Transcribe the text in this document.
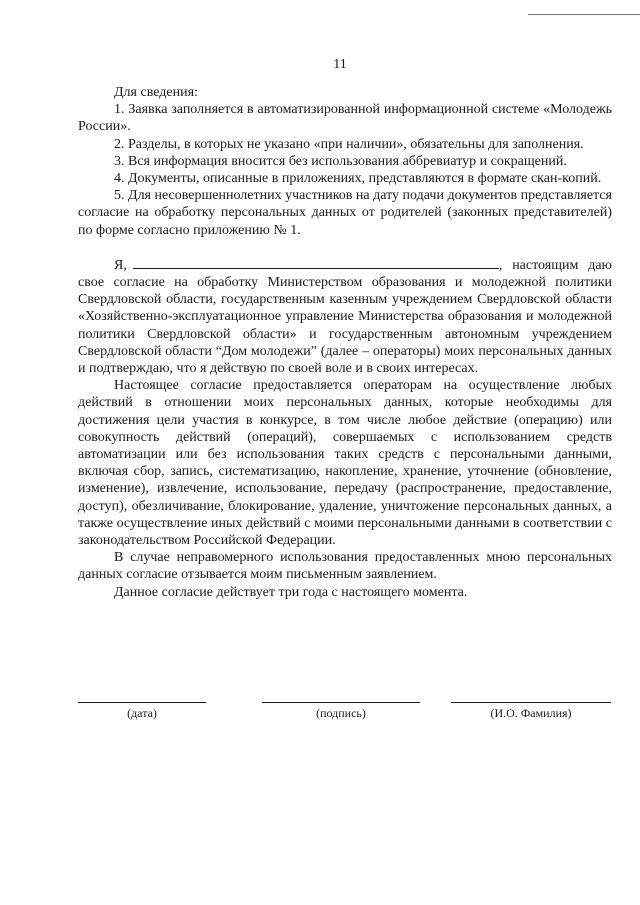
11

Для сведения:

1. Заявка заполняется в автоматизированной информационной системе «Молодежь России».

2. Разделы, в которых не указано «при наличии», обязательны для заполнения.

3. Вся информация вносится без использования аббревиатур и сокращений.

4. Документы, описанные в приложениях, представляются в формате скан-копий.

5. Для несовершеннолетних участников на дату подачи документов представляется согласие на обработку персональных данных от родителей (законных представителей) по форме согласно приложению № 1.

Я,	, настоящим даю свое согласие на обработку Министерством образования и молодежной политики Свердловской области, государственным казенным учреждением Свердловской области «Хозяйственно-эксплуатационное управление Министерства образования и молодежной политики Свердловской области» и государственным автономным учреждением Свердловской области “Дом молодежи” (далее – операторы) моих персональных данных и подтверждаю, что я действую по своей воле и в своих интересах.

Настоящее согласие предоставляется операторам на осуществление любых действий в отношении моих персональных данных, которые необходимы для достижения цели участия в конкурсе, в том числе любое действие (операцию) или совокупность действий (операций), совершаемых с использованием средств автоматизации или без использования таких средств с персональными данными, включая сбор, запись, систематизацию, накопление, хранение, уточнение (обновление, изменение), извлечение, использование, передачу (распространение, предоставление, доступ), обезличивание, блокирование, удаление, уничтожение персональных данных, а также осуществление иных действий с моими персональными данными в соответствии с законодательством Российской Федерации.

В случае неправомерного использования предоставленных мною персональных данных согласие отзывается моим письменным заявлением.

Данное согласие действует три года с настоящего момента.

(дата)	(подпись)	(И.О. Фамилия)
